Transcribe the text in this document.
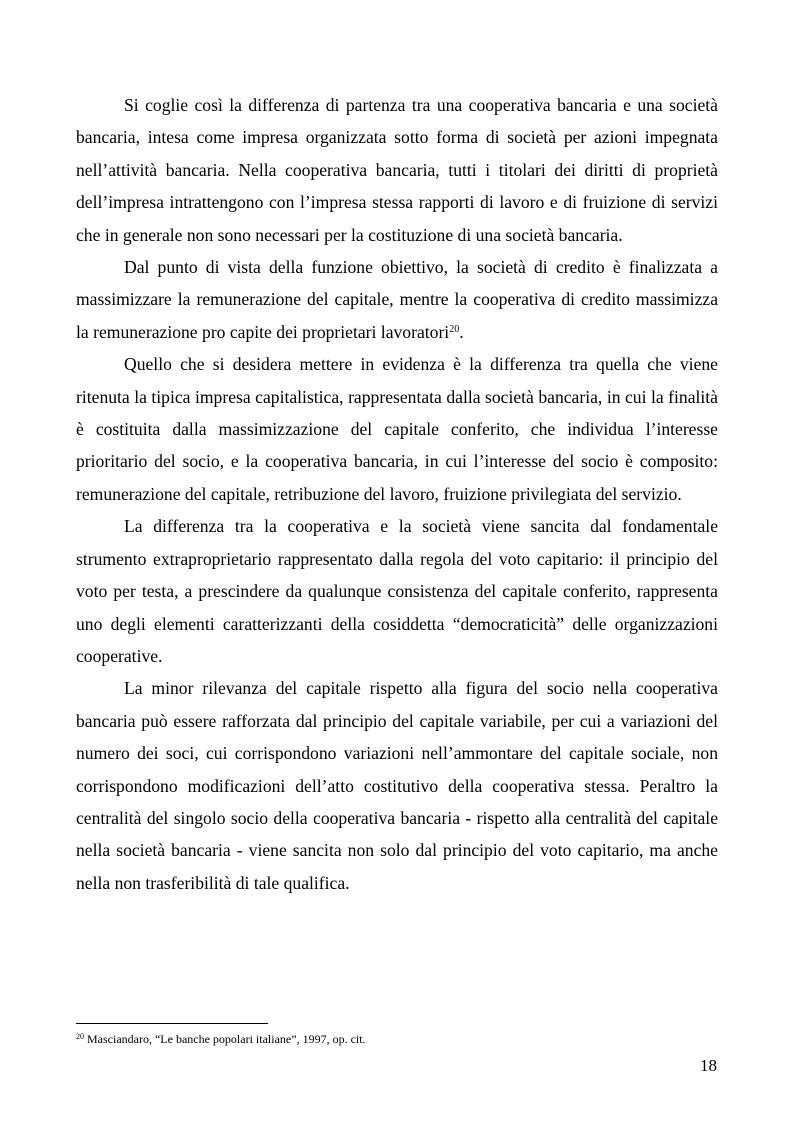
Si coglie così la differenza di partenza tra una cooperativa bancaria e una società bancaria, intesa come impresa organizzata sotto forma di società per azioni impegnata nell’attività bancaria. Nella cooperativa bancaria, tutti i titolari dei diritti di proprietà dell’impresa intrattengono con l’impresa stessa rapporti di lavoro e di fruizione di servizi che in generale non sono necessari per la costituzione di una società bancaria.

Dal punto di vista della funzione obiettivo, la società di credito è finalizzata a massimizzare la remunerazione del capitale, mentre la cooperativa di credito massimizza la remunerazione pro capite dei proprietari lavoratori$^{20}$.

Quello che si desidera mettere in evidenza è la differenza tra quella che viene ritenuta la tipica impresa capitalistica, rappresentata dalla società bancaria, in cui la finalità è costituita dalla massimizzazione del capitale conferito, che individua l’interesse prioritario del socio, e la cooperativa bancaria, in cui l’interesse del socio è composito: remunerazione del capitale, retribuzione del lavoro, fruizione privilegiata del servizio.

La differenza tra la cooperativa e la società viene sancita dal fondamentale strumento extraproprietario rappresentato dalla regola del voto capitario: il principio del voto per testa, a prescindere da qualunque consistenza del capitale conferito, rappresenta uno degli elementi caratterizzanti della cosiddetta “democraticità” delle organizzazioni cooperative.

La minor rilevanza del capitale rispetto alla figura del socio nella cooperativa bancaria può essere rafforzata dal principio del capitale variabile, per cui a variazioni del numero dei soci, cui corrispondono variazioni nell’ammontare del capitale sociale, non corrispondono modificazioni dell’atto costitutivo della cooperativa stessa. Peraltro la centralità del singolo socio della cooperativa bancaria - rispetto alla centralità del capitale nella società bancaria - viene sancita non solo dal principio del voto capitario, ma anche nella non trasferibilità di tale qualifica.

$^{20}$ Masciandaro, “Le banche popolari italiane”, 1997, op. cit.

18
